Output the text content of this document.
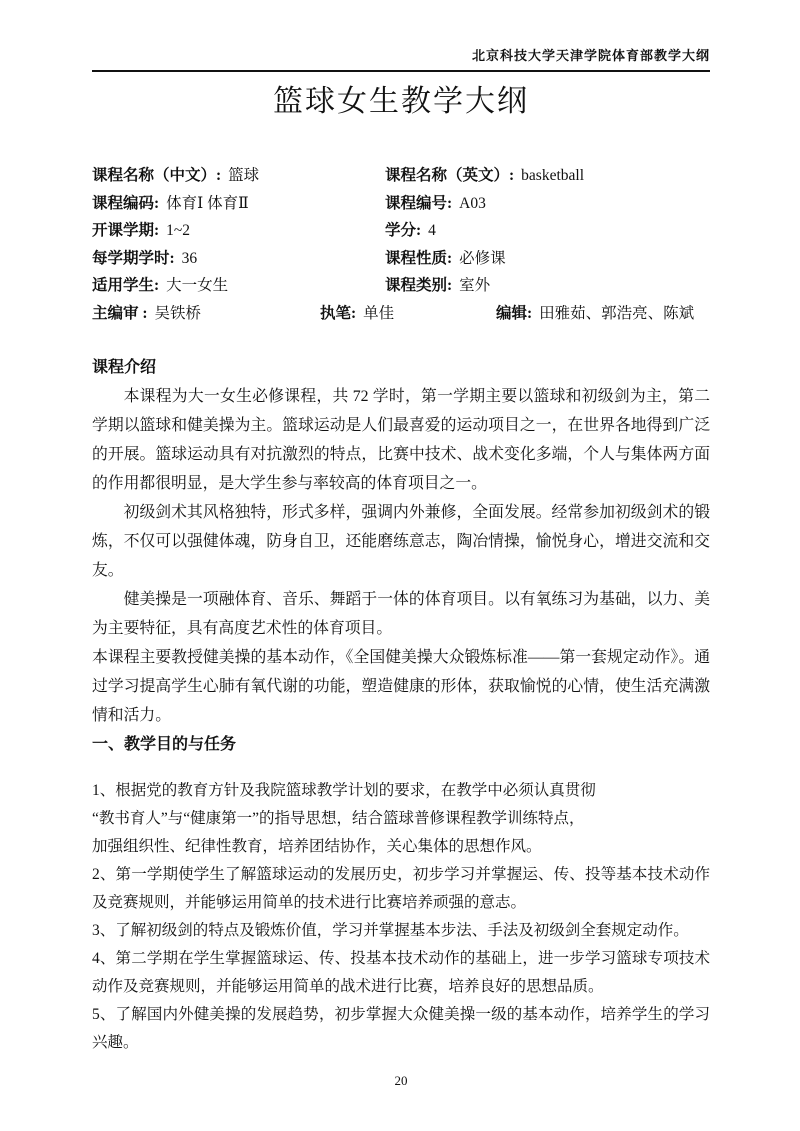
北京科技大学天津学院体育部教学大纲
篮球女生教学大纲
课程名称（中文）: 篮球	课程名称（英文）: basketball
课程编码: 体育Ⅰ 体育Ⅱ	课程编号: A03
开课学期: 1~2	学分: 4
每学期学时: 36	课程性质: 必修课
适用学生: 大一女生	课程类别: 室外
主编审 : 吴铁桥	执笔: 单佳	编辑: 田雅茹、郭浩亮、陈斌
课程介绍

本课程为大一女生必修课程，共 72 学时，第一学期主要以篮球和初级剑为主，第二学期以篮球和健美操为主。篮球运动是人们最喜爱的运动项目之一，在世界各地得到广泛的开展。篮球运动具有对抗激烈的特点，比赛中技术、战术变化多端，个人与集体两方面的作用都很明显，是大学生参与率较高的体育项目之一。

初级剑术其风格独特，形式多样，强调内外兼修，全面发展。经常参加初级剑术的锻炼，不仅可以强健体魂，防身自卫，还能磨练意志，陶冶情操，愉悦身心，增进交流和交友。

健美操是一项融体育、音乐、舞蹈于一体的体育项目。以有氧练习为基础，以力、美为主要特征，具有高度艺术性的体育项目。

本课程主要教授健美操的基本动作，《全国健美操大众锻炼标准——第一套规定动作》。通过学习提高学生心肺有氧代谢的功能，塑造健康的形体，获取愉悦的心情，使生活充满激情和活力。

一、教学目的与任务

1、根据党的教育方针及我院篮球教学计划的要求，在教学中必须认真贯彻

“教书育人”与“健康第一”的指导思想，结合篮球普修课程教学训练特点，

加强组织性、纪律性教育，培养团结协作，关心集体的思想作风。

2、第一学期使学生了解篮球运动的发展历史，初步学习并掌握运、传、投等基本技术动作及竞赛规则，并能够运用简单的技术进行比赛培养顽强的意志。

3、了解初级剑的特点及锻炼价值，学习并掌握基本步法、手法及初级剑全套规定动作。

4、第二学期在学生掌握篮球运、传、投基本技术动作的基础上，进一步学习篮球专项技术动作及竞赛规则，并能够运用简单的战术进行比赛，培养良好的思想品质。

5、了解国内外健美操的发展趋势，初步掌握大众健美操一级的基本动作，培养学生的学习兴趣。

20
